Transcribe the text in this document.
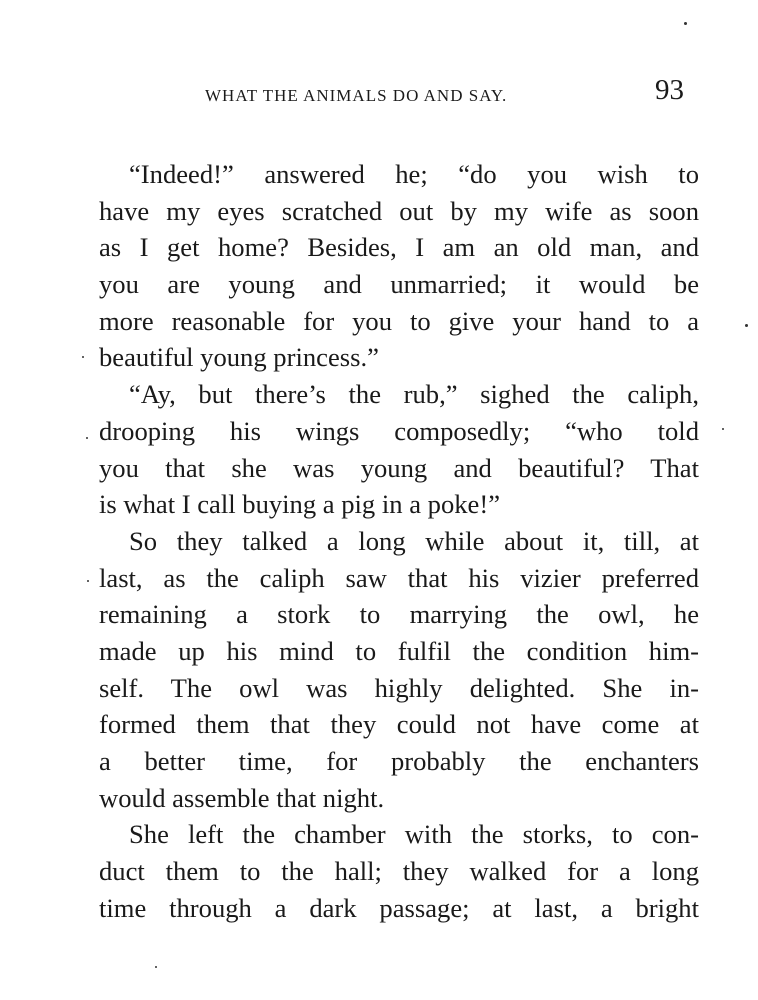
WHAT THE ANIMALS DO AND SAY.	93
“Indeed!” answered he; “do you wish to
have my eyes scratched out by my wife as soon
as I get home? Besides, I am an old man, and
you are young and unmarried; it would be
more reasonable for you to give your hand to a
beautiful young princess.”
“Ay, but there’s the rub,” sighed the caliph,
drooping his wings composedly; “who told
you that she was young and beautiful? That
is what I call buying a pig in a poke!”
So they talked a long while about it, till, at
last, as the caliph saw that his vizier preferred
remaining a stork to marrying the owl, he
made up his mind to fulfil the condition him-
self. The owl was highly delighted. She in-
formed them that they could not have come at
a better time, for probably the enchanters
would assemble that night.
She left the chamber with the storks, to con-
duct them to the hall; they walked for a long
time through a dark passage; at last, a bright
